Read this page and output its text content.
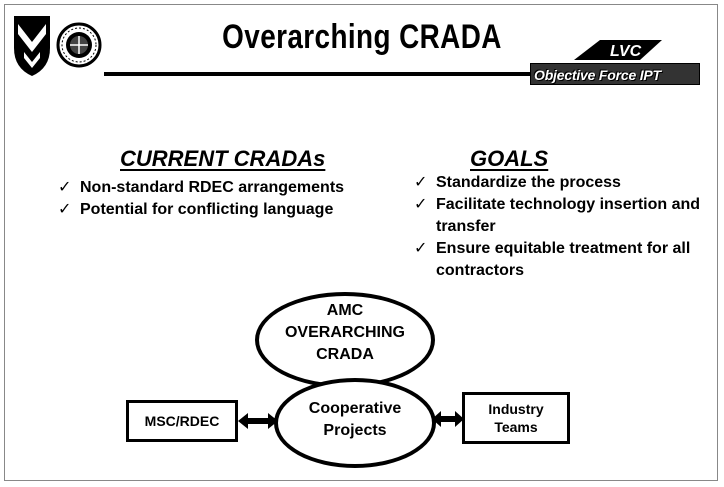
Overarching CRADA	LVC
Objective Force IPT
CURRENT CRADAs	GOALS
✓ Non-standard RDEC arrangements
✓ Potential for conflicting language
✓ Standardize the process
✓ Facilitate technology insertion and transfer
✓ Ensure equitable treatment for all contractors
AMC
OVERARCHING
CRADA
Cooperative
Projects
MSC/RDEC
Industry
Teams
